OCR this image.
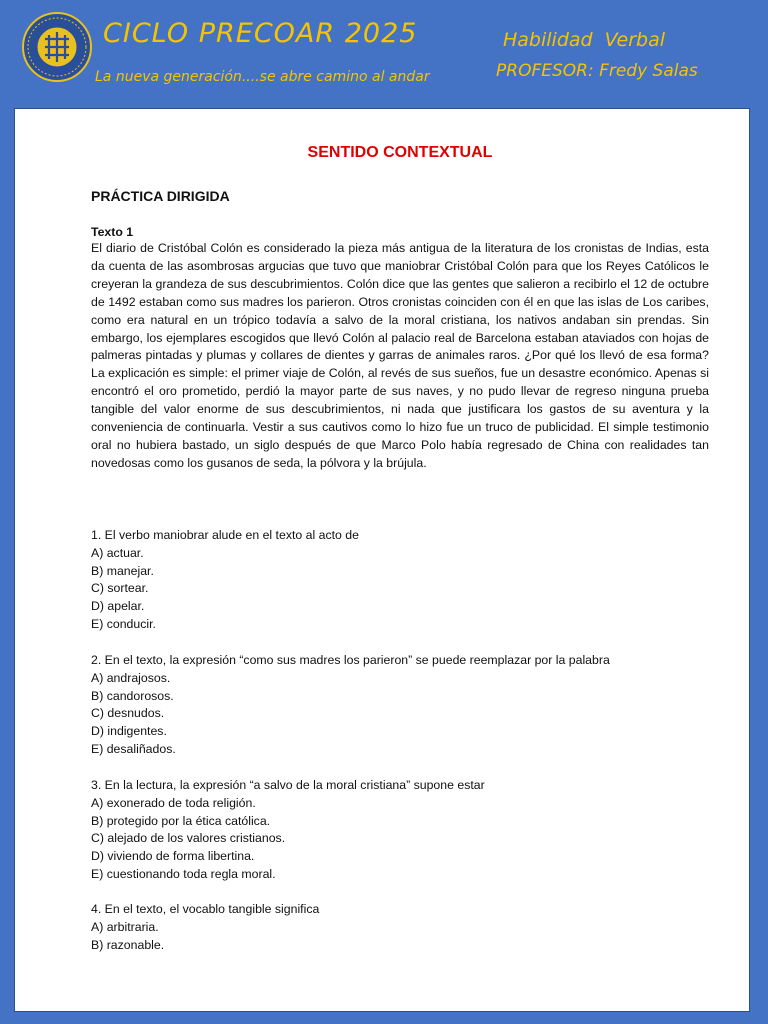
CICLO PRECOAR 2025
La nueva generación....se abre camino al andar
Habilidad Verbal
PROFESOR: Fredy Salas
SENTIDO CONTEXTUAL
PRÁCTICA DIRIGIDA
Texto 1

El diario de Cristóbal Colón es considerado la pieza más antigua de la literatura de los cronistas de Indias, esta da cuenta de las asombrosas argucias que tuvo que maniobrar Cristóbal Colón para que los Reyes Católicos le creyeran la grandeza de sus descubrimientos. Colón dice que las gentes que salieron a recibirlo el 12 de octubre de 1492 estaban como sus madres los parieron. Otros cronistas coinciden con él en que las islas de Los caribes, como era natural en un trópico todavía a salvo de la moral cristiana, los nativos andaban sin prendas. Sin embargo, los ejemplares escogidos que llevó Colón al palacio real de Barcelona estaban ataviados con hojas de palmeras pintadas y plumas y collares de dientes y garras de animales raros. ¿Por qué los llevó de esa forma? La explicación es simple: el primer viaje de Colón, al revés de sus sueños, fue un desastre económico. Apenas si encontró el oro prometido, perdió la mayor parte de sus naves, y no pudo llevar de regreso ninguna prueba tangible del valor enorme de sus descubrimientos, ni nada que justificara los gastos de su aventura y la conveniencia de continuarla. Vestir a sus cautivos como lo hizo fue un truco de publicidad. El simple testimonio oral no hubiera bastado, un siglo después de que Marco Polo había regresado de China con realidades tan novedosas como los gusanos de seda, la pólvora y la brújula.

1. El verbo maniobrar alude en el texto al acto de

A) actuar.

B) manejar.

C) sortear.

D) apelar.

E) conducir.

2. En el texto, la expresión “como sus madres los parieron” se puede reemplazar por la palabra

A) andrajosos.

B) candorosos.

C) desnudos.

D) indigentes.

E) desaliñados.

3. En la lectura, la expresión “a salvo de la moral cristiana” supone estar

A) exonerado de toda religión.

B) protegido por la ética católica.

C) alejado de los valores cristianos.

D) viviendo de forma libertina.

E) cuestionando toda regla moral.

4. En el texto, el vocablo tangible significa

A) arbitraria.

B) razonable.
